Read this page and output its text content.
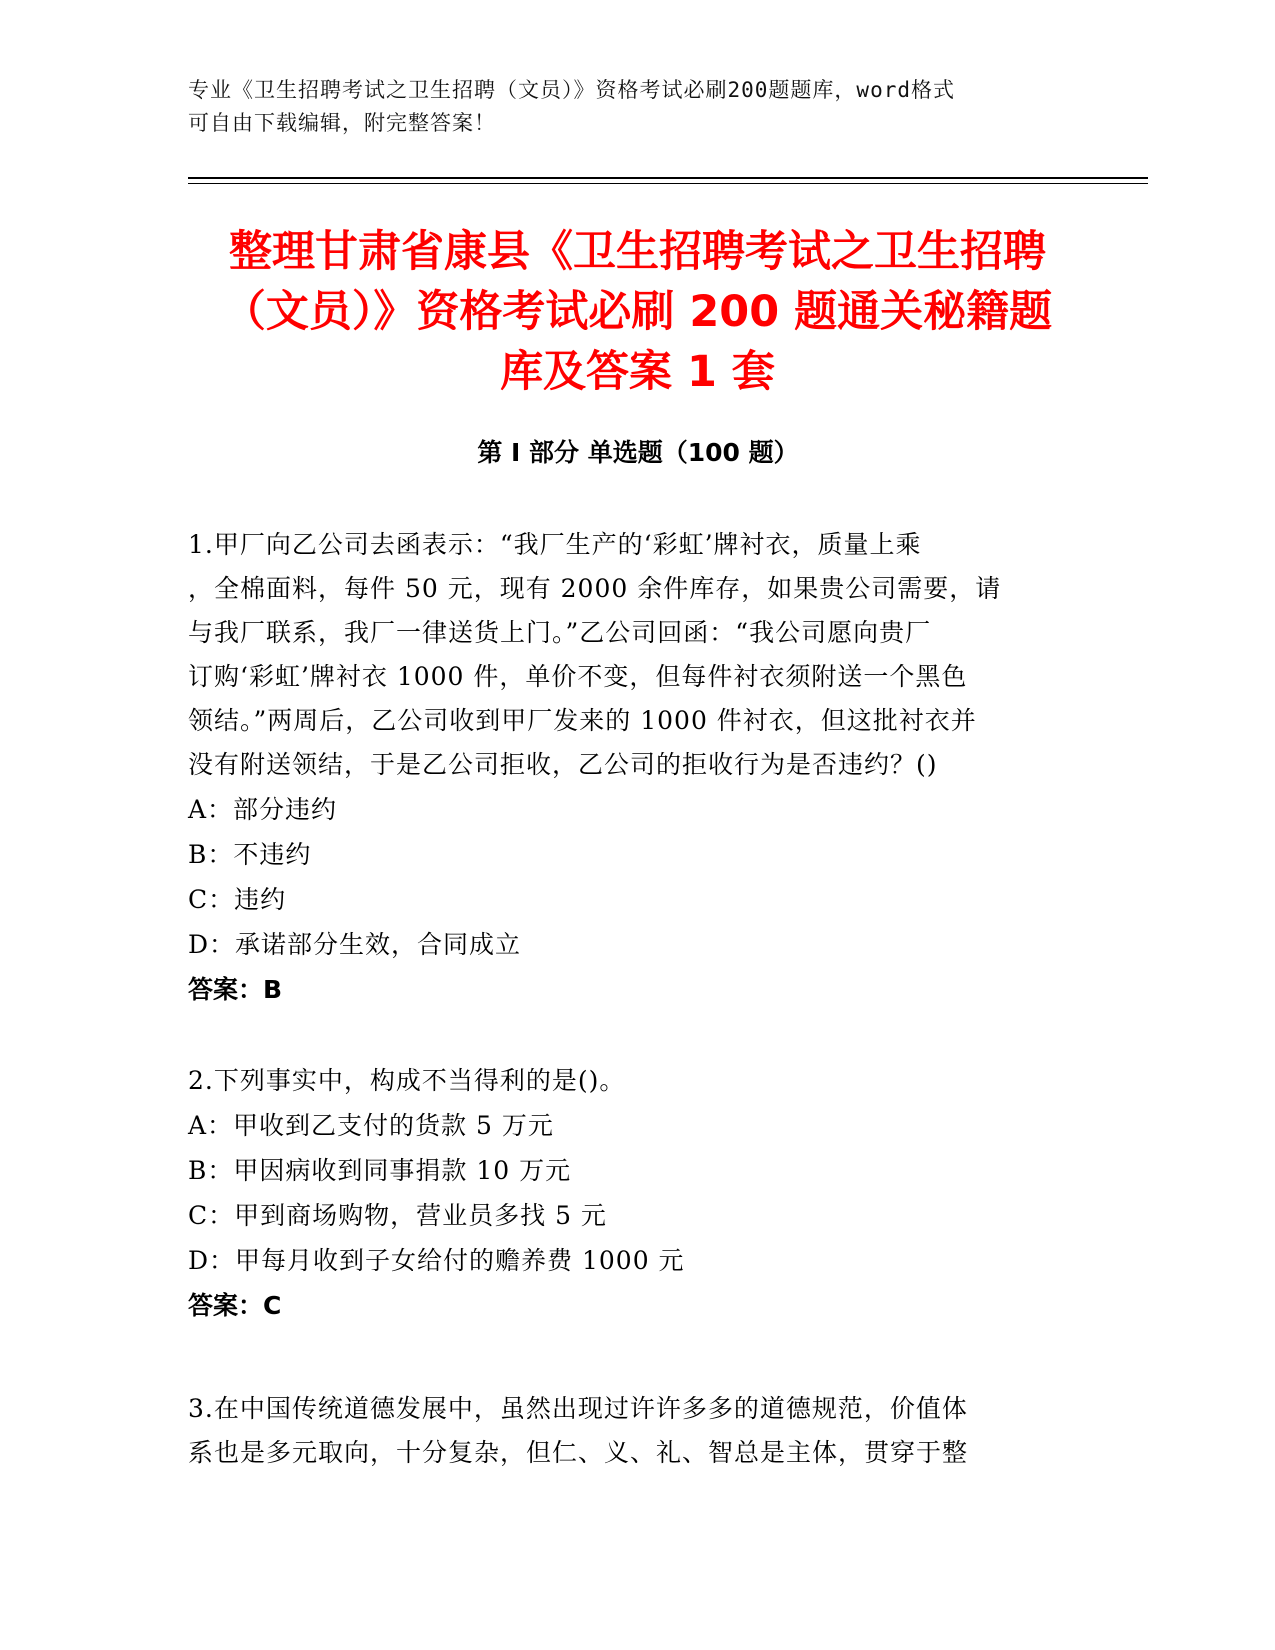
专业《卫生招聘考试之卫生招聘（文员）》资格考试必刷200题题库，word格式
可自由下载编辑，附完整答案！
整理甘肃省康县《卫生招聘考试之卫生招聘
（文员）》资格考试必刷 200 题通关秘籍题
库及答案 1 套
第 I 部分 单选题（100 题）
1.甲厂向乙公司去函表示：“我厂生产的‘彩虹’牌衬衣，质量上乘
，全棉面料，每件 50 元，现有 2000 余件库存，如果贵公司需要，请
与我厂联系，我厂一律送货上门。”乙公司回函：“我公司愿向贵厂
订购‘彩虹’牌衬衣 1000 件，单价不变，但每件衬衣须附送一个黑色
领结。”两周后，乙公司收到甲厂发来的 1000 件衬衣，但这批衬衣并
没有附送领结，于是乙公司拒收，乙公司的拒收行为是否违约？()
A：部分违约
B：不违约
C：违约
D：承诺部分生效，合同成立
答案：B
2.下列事实中，构成不当得利的是()。
A：甲收到乙支付的货款 5 万元
B：甲因病收到同事捐款 10 万元
C：甲到商场购物，营业员多找 5 元
D：甲每月收到子女给付的赡养费 1000 元
答案：C
3.在中国传统道德发展中，虽然出现过许许多多的道德规范，价值体
系也是多元取向，十分复杂，但仁、义、礼、智总是主体，贯穿于整
